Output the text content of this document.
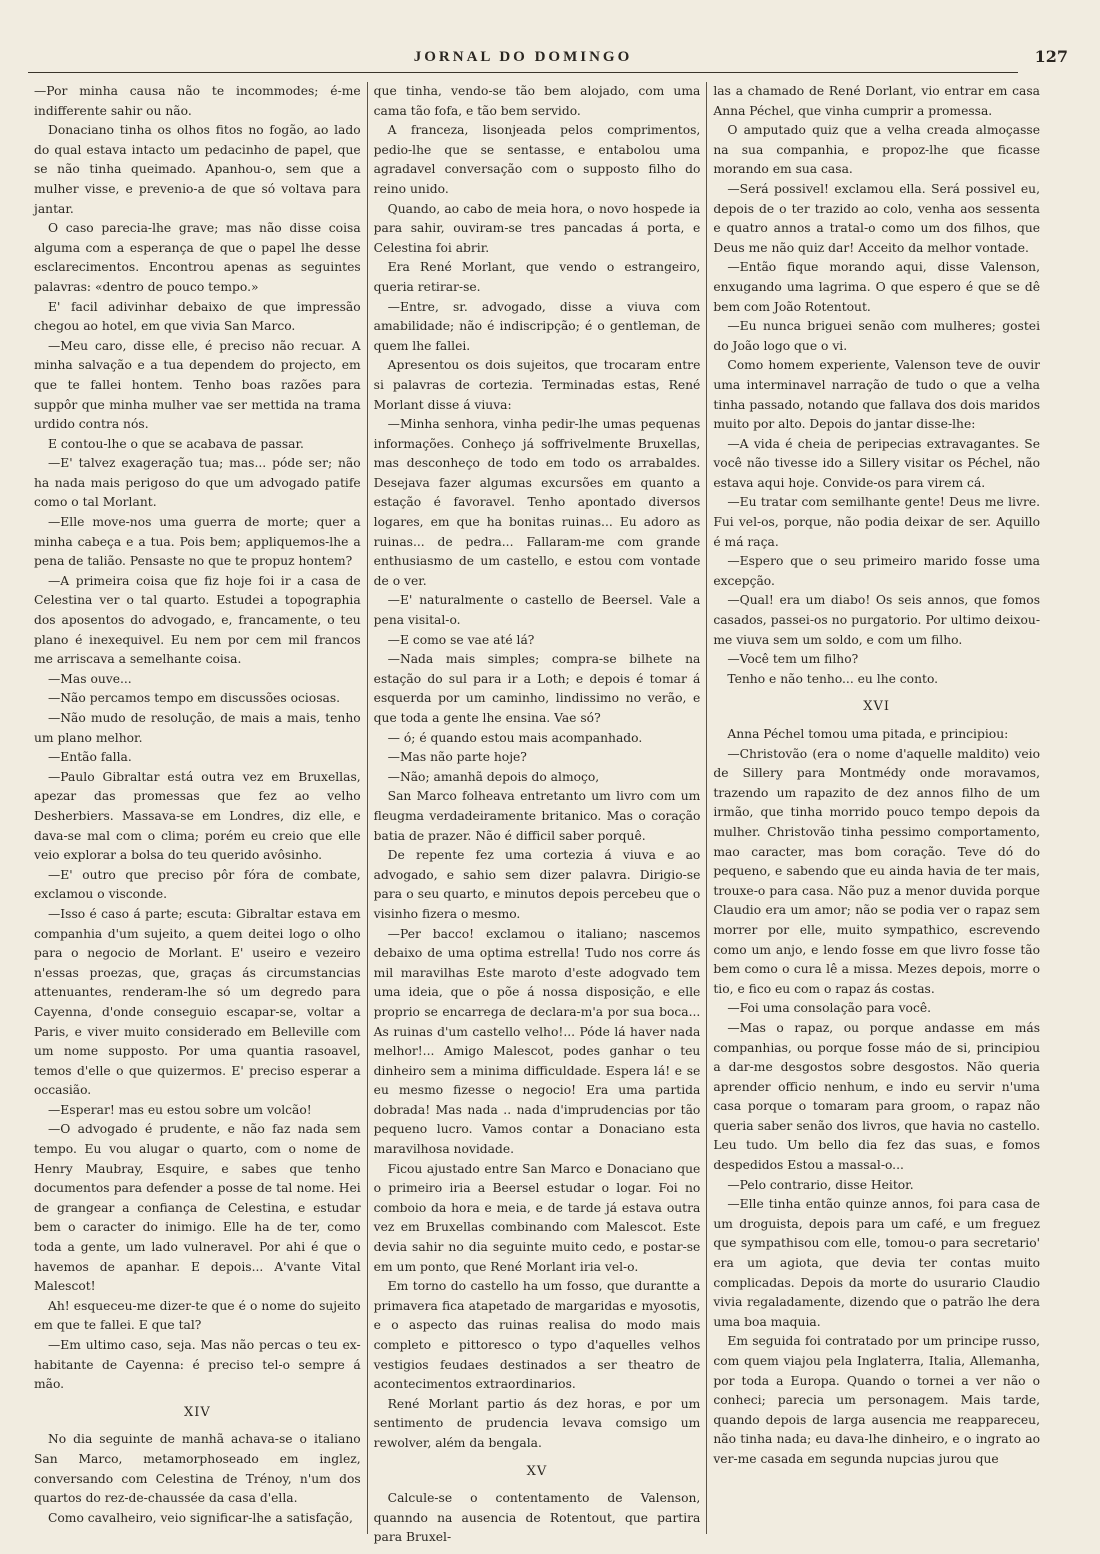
JORNAL DO DOMINGO	127

—Por minha causa não te incommodes; é-me indifferente sahir ou não.

Donaciano tinha os olhos fitos no fogão, ao lado do qual estava intacto um pedacinho de papel, que se não tinha queimado. Apanhou-o, sem que a mulher visse, e prevenio-a de que só voltava para jantar.

O caso parecia-lhe grave; mas não disse coisa alguma com a esperança de que o papel lhe desse esclarecimentos. Encontrou apenas as seguintes palavras: «dentro de pouco tempo.»

E' facil adivinhar debaixo de que impressão chegou ao hotel, em que vivia San Marco.

—Meu caro, disse elle, é preciso não recuar. A minha salvação e a tua dependem do projecto, em que te fallei hontem. Tenho boas razões para suppôr que minha mulher vae ser mettida na trama urdido contra nós.

E contou-lhe o que se acabava de passar.

—E' talvez exageração tua; mas... póde ser; não ha nada mais perigoso do que um advogado patife como o tal Morlant.

—Elle move-nos uma guerra de morte; quer a minha cabeça e a tua. Pois bem; appliquemos-lhe a pena de talião. Pensaste no que te propuz hontem?

—A primeira coisa que fiz hoje foi ir a casa de Celestina ver o tal quarto. Estudei a topographia dos aposentos do advogado, e, francamente, o teu plano é inexequivel. Eu nem por cem mil francos me arriscava a semelhante coisa.

—Mas ouve...

—Não percamos tempo em discussões ociosas.

—Não mudo de resolução, de mais a mais, tenho um plano melhor.

—Então falla.

—Paulo Gibraltar está outra vez em Bruxellas, apezar das promessas que fez ao velho Desherbiers. Massava-se em Londres, diz elle, e dava-se mal com o clima; porém eu creio que elle veio explorar a bolsa do teu querido avôsinho.

—E' outro que preciso pôr fóra de combate, exclamou o visconde.

—Isso é caso á parte; escuta: Gibraltar estava em companhia d'um sujeito, a quem deitei logo o olho para o negocio de Morlant. E' useiro e vezeiro n'essas proezas, que, graças ás circumstancias attenuantes, renderam-lhe só um degredo para Cayenna, d'onde conseguio escapar-se, voltar a Paris, e viver muito considerado em Belleville com um nome supposto. Por uma quantia rasoavel, temos d'elle o que quizermos. E' preciso esperar a occasião.

—Esperar! mas eu estou sobre um volcão!

—O advogado é prudente, e não faz nada sem tempo. Eu vou alugar o quarto, com o nome de Henry Maubray, Esquire, e sabes que tenho documentos para defender a posse de tal nome. Hei de grangear a confiança de Celestina, e estudar bem o caracter do inimigo. Elle ha de ter, como toda a gente, um lado vulneravel. Por ahi é que o havemos de apanhar. E depois... A'vante Vital Malescot!

Ah! esqueceu-me dizer-te que é o nome do sujeito em que te fallei. E que tal?

—Em ultimo caso, seja. Mas não percas o teu ex-habitante de Cayenna: é preciso tel-o sempre á mão.

XIV

No dia seguinte de manhã achava-se o italiano San Marco, metamorphoseado em inglez, conversando com Celestina de Trénoy, n'um dos quartos do rez-de-chaussée da casa d'ella.

Como cavalheiro, veio significar-lhe a satisfação,

que tinha, vendo-se tão bem alojado, com uma cama tão fofa, e tão bem servido.

A franceza, lisonjeada pelos comprimentos, pedio-lhe que se sentasse, e entabolou uma agradavel conversação com o supposto filho do reino unido.

Quando, ao cabo de meia hora, o novo hospede ia para sahir, ouviram-se tres pancadas á porta, e Celestina foi abrir.

Era René Morlant, que vendo o estrangeiro, queria retirar-se.

—Entre, sr. advogado, disse a viuva com amabilidade; não é indiscripção; é o gentleman, de quem lhe fallei.

Apresentou os dois sujeitos, que trocaram entre si palavras de cortezia. Terminadas estas, René Morlant disse á viuva:

—Minha senhora, vinha pedir-lhe umas pequenas informações. Conheço já soffrivelmente Bruxellas, mas desconheço de todo em todo os arrabaldes. Desejava fazer algumas excursões em quanto a estação é favoravel. Tenho apontado diversos logares, em que ha bonitas ruinas... Eu adoro as ruinas... de pedra... Fallaram-me com grande enthusiasmo de um castello, e estou com vontade de o ver.

—E' naturalmente o castello de Beersel. Vale a pena visital-o.

—E como se vae até lá?

—Nada mais simples; compra-se bilhete na estação do sul para ir a Loth; e depois é tomar á esquerda por um caminho, lindissimo no verão, e que toda a gente lhe ensina. Vae só?

— ó; é quando estou mais acompanhado.

—Mas não parte hoje?

—Não; amanhã depois do almoço,

San Marco folheava entretanto um livro com um fleugma verdadeiramente britanico. Mas o coração batia de prazer. Não é difficil saber porquê.

De repente fez uma cortezia á viuva e ao advogado, e sahio sem dizer palavra. Dirigio-se para o seu quarto, e minutos depois percebeu que o visinho fizera o mesmo.

—Per bacco! exclamou o italiano; nascemos debaixo de uma optima estrella! Tudo nos corre ás mil maravilhas Este maroto d'este adogvado tem uma ideia, que o põe á nossa disposição, e elle proprio se encarrega de declara-m'a por sua boca... As ruinas d'um castello velho!... Póde lá haver nada melhor!... Amigo Malescot, podes ganhar o teu dinheiro sem a minima difficuldade. Espera lá! e se eu mesmo fizesse o negocio! Era uma partida dobrada! Mas nada .. nada d'imprudencias por tão pequeno lucro. Vamos contar a Donaciano esta maravilhosa novidade.

Ficou ajustado entre San Marco e Donaciano que o primeiro iria a Beersel estudar o logar. Foi no comboio da hora e meia, e de tarde já estava outra vez em Bruxellas combinando com Malescot. Este devia sahir no dia seguinte muito cedo, e postar-se em um ponto, que René Morlant iria vel-o.

Em torno do castello ha um fosso, que durantte a primavera fica atapetado de margaridas e myosotis, e o aspecto das ruinas realisa do modo mais completo e pittoresco o typo d'aquelles velhos vestigios feudaes destinados a ser theatro de acontecimentos extraordinarios.

René Morlant partio ás dez horas, e por um sentimento de prudencia levava comsigo um rewolver, além da bengala.

XV

Calcule-se o contentamento de Valenson, quanndo na ausencia de Rotentout, que partira para Bruxel-

las a chamado de René Dorlant, vio entrar em casa Anna Péchel, que vinha cumprir a promessa.

O amputado quiz que a velha creada almoçasse na sua companhia, e propoz-lhe que ficasse morando em sua casa.

—Será possivel! exclamou ella. Será possivel eu, depois de o ter trazido ao colo, venha aos sessenta e quatro annos a tratal-o como um dos filhos, que Deus me não quiz dar! Acceito da melhor vontade.

—Então fique morando aqui, disse Valenson, enxugando uma lagrima. O que espero é que se dê bem com João Rotentout.

—Eu nunca briguei senão com mulheres; gostei do João logo que o vi.

Como homem experiente, Valenson teve de ouvir uma interminavel narração de tudo o que a velha tinha passado, notando que fallava dos dois maridos muito por alto. Depois do jantar disse-lhe:

—A vida é cheia de peripecias extravagantes. Se você não tivesse ido a Sillery visitar os Péchel, não estava aqui hoje. Convide-os para virem cá.

—Eu tratar com semilhante gente! Deus me livre. Fui vel-os, porque, não podia deixar de ser. Aquillo é má raça.

—Espero que o seu primeiro marido fosse uma excepção.

—Qual! era um diabo! Os seis annos, que fomos casados, passei-os no purgatorio. Por ultimo deixou-me viuva sem um soldo, e com um filho.

—Você tem um filho?

Tenho e não tenho... eu lhe conto.

XVI

Anna Péchel tomou uma pitada, e principiou:

—Christovão (era o nome d'aquelle maldito) veio de Sillery para Montmédy onde moravamos, trazendo um rapazito de dez annos filho de um irmão, que tinha morrido pouco tempo depois da mulher. Christovão tinha pessimo comportamento, mao caracter, mas bom coração. Teve dó do pequeno, e sabendo que eu ainda havia de ter mais, trouxe-o para casa. Não puz a menor duvida porque Claudio era um amor; não se podia ver o rapaz sem morrer por elle, muito sympathico, escrevendo como um anjo, e lendo fosse em que livro fosse tão bem como o cura lê a missa. Mezes depois, morre o tio, e fico eu com o rapaz ás costas.

—Foi uma consolação para você.

—Mas o rapaz, ou porque andasse em más companhias, ou porque fosse máo de si, principiou a dar-me desgostos sobre desgostos. Não queria aprender officio nenhum, e indo eu servir n'uma casa porque o tomaram para groom, o rapaz não queria saber senão dos livros, que havia no castello. Leu tudo. Um bello dia fez das suas, e fomos despedidos Estou a massal-o...

—Pelo contrario, disse Heitor.

—Elle tinha então quinze annos, foi para casa de um droguista, depois para um café, e um freguez que sympathisou com elle, tomou-o para secretario' era um agiota, que devia ter contas muito complicadas. Depois da morte do usurario Claudio vivia regaladamente, dizendo que o patrão lhe dera uma boa maquia.

Em seguida foi contratado por um principe russo, com quem viajou pela Inglaterra, Italia, Allemanha, por toda a Europa. Quando o tornei a ver não o conheci; parecia um personagem. Mais tarde, quando depois de larga ausencia me reappareceu, não tinha nada; eu dava-lhe dinheiro, e o ingrato ao ver-me casada em segunda nupcias jurou que
